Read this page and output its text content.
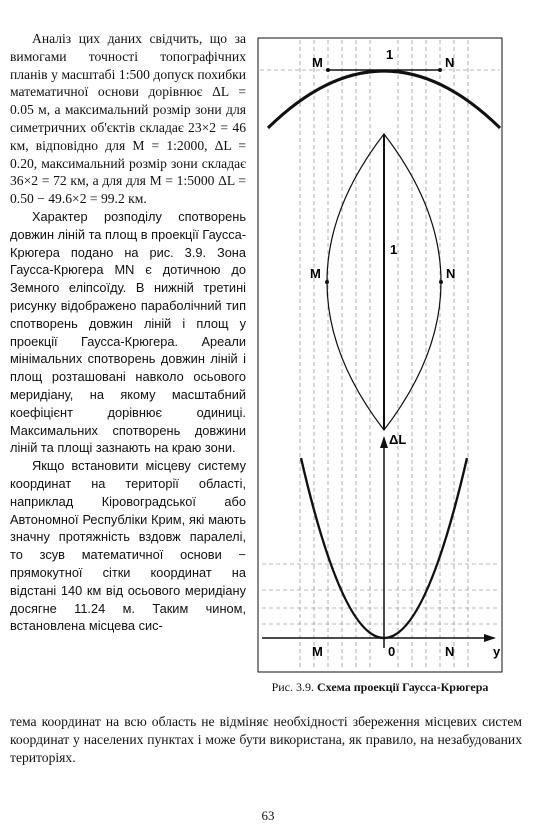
Аналіз цих даних свідчить, що за вимогами точності топографічних планів у масштабі 1:500 допуск похибки математичної основи дорівнює ΔL = 0.05 м, а максимальний розмір зони для симетричних об'єктів складає 23×2 = 46 км, відповідно для M = 1:2000, ΔL = 0.20, максимальний розмір зони складає 36×2 = 72 км, а для для M = 1:5000 ΔL = 0.50 − 49.6×2 = 99.2 км.

Характер розподілу спотворень довжин ліній та площ в проекції Гаусса-Крюгера подано на рис. 3.9. Зона Гаусса-Крюгера MN є дотичною до Земного еліпсоїду. В нижній третині рисунку відображено параболічний тип спотворень довжин ліній і площ у проекції Гаусса-Крюгера. Ареали мінімальних спотворень довжин ліній і площ розташовані навколо осьового меридіану, на якому масштабний коефіцієнт дорівнює одиниці. Максимальних спотворень довжини ліній та площі зазнають на краю зони.

Якщо встановити місцеву систему координат на території області, наприклад Кіровоградської або Автономної Республіки Крим, які мають значну протяжність вздовж паралелі, то зсув математичної основи − прямокутної сітки координат на відстані 140 км від осьового меридіану досягне 11.24 м. Таким чином, встановлена місцева сис-

M	N
1
M	N
1
ΔL
M	0	N	y
Рис. 3.9. Схема проекції Гаусса-Крюгера

тема координат на всю область не відміняє необхідності збереження місцевих систем координат у населених пунктах і може бути використана, як правило, на незабудованих територіях.

63
